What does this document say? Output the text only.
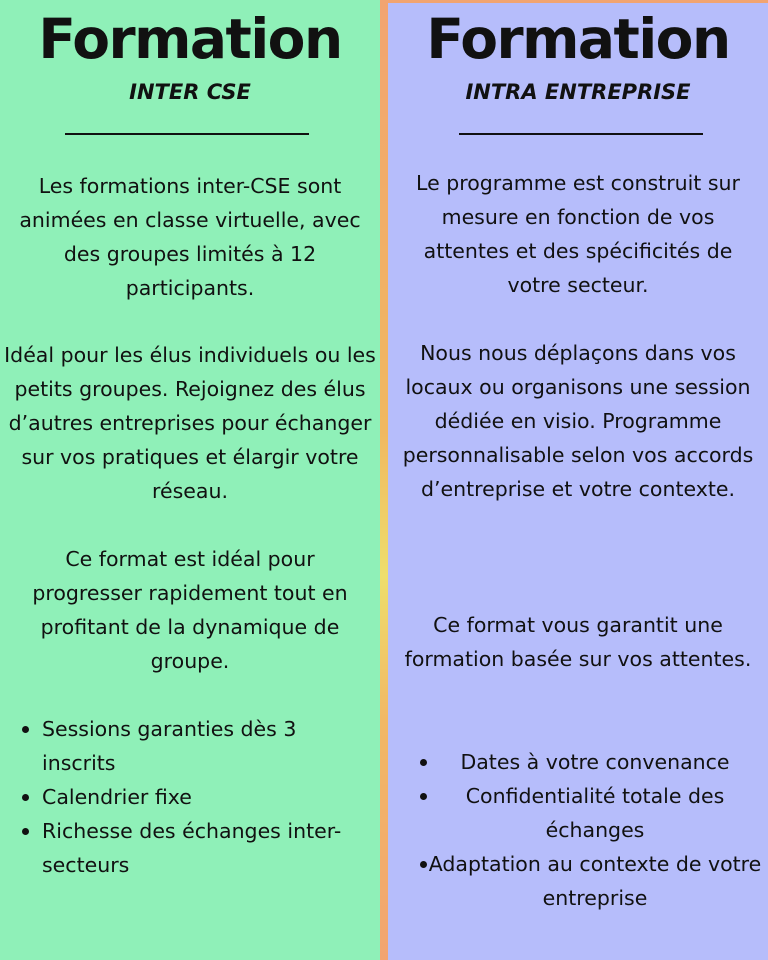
Formation
INTER CSE

Les formations inter-CSE sont animées en classe virtuelle, avec des groupes limités à 12 participants.

Idéal pour les élus individuels ou les petits groupes. Rejoignez des élus d’autres entreprises pour échanger sur vos pratiques et élargir votre réseau.

Ce format est idéal pour progresser rapidement tout en profitant de la dynamique de groupe.

Sessions garanties dès 3 inscrits
Calendrier fixe
Richesse des échanges inter-secteurs
Formation
INTRA ENTREPRISE

Le programme est construit sur mesure en fonction de vos attentes et des spécificités de votre secteur.

Nous nous déplaçons dans vos locaux ou organisons une session dédiée en visio. Programme personnalisable selon vos accords d’entreprise et votre contexte.

Ce format vous garantit une formation basée sur vos attentes.

Dates à votre convenance
Confidentialité totale des échanges
Adaptation au contexte de votre entreprise
